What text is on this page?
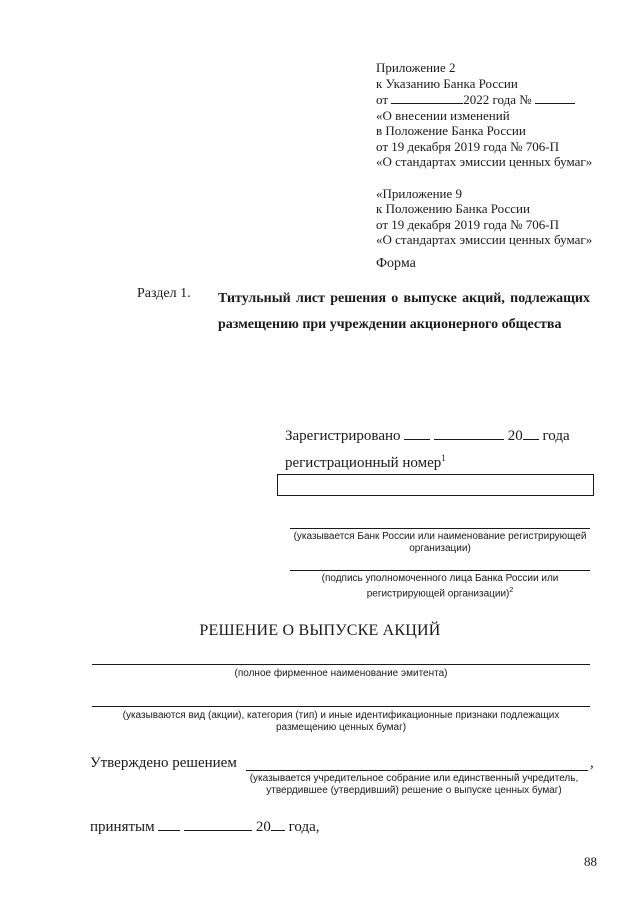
Приложение 2
к Указанию Банка России
от	2022 года №
«О внесении изменений
в Положение Банка России
от 19 декабря 2019 года № 706-П
«О стандартах эмиссии ценных бумаг»
«Приложение 9
к Положению Банка России
от 19 декабря 2019 года № 706-П
«О стандартах эмиссии ценных бумаг»
Форма
Раздел 1. Титульный лист решения о выпуске акций, подлежащих размещению при учреждении акционерного общества
Зарегистрировано	20 года
регистрационный номер$^1$
(указывается Банк России или наименование регистрирующей организации)
(подпись уполномоченного лица Банка России или регистрирующей организации)$^2$
РЕШЕНИЕ О ВЫПУСКЕ АКЦИЙ
(полное фирменное наименование эмитента)
(указываются вид (акции), категория (тип) и иные идентификационные признаки подлежащих размещению ценных бумаг)
Утверждено решением	,
(указывается учредительное собрание или единственный учредитель, утвердившее (утвердивший) решение о выпуске ценных бумаг)
принятым	20 года,
88
